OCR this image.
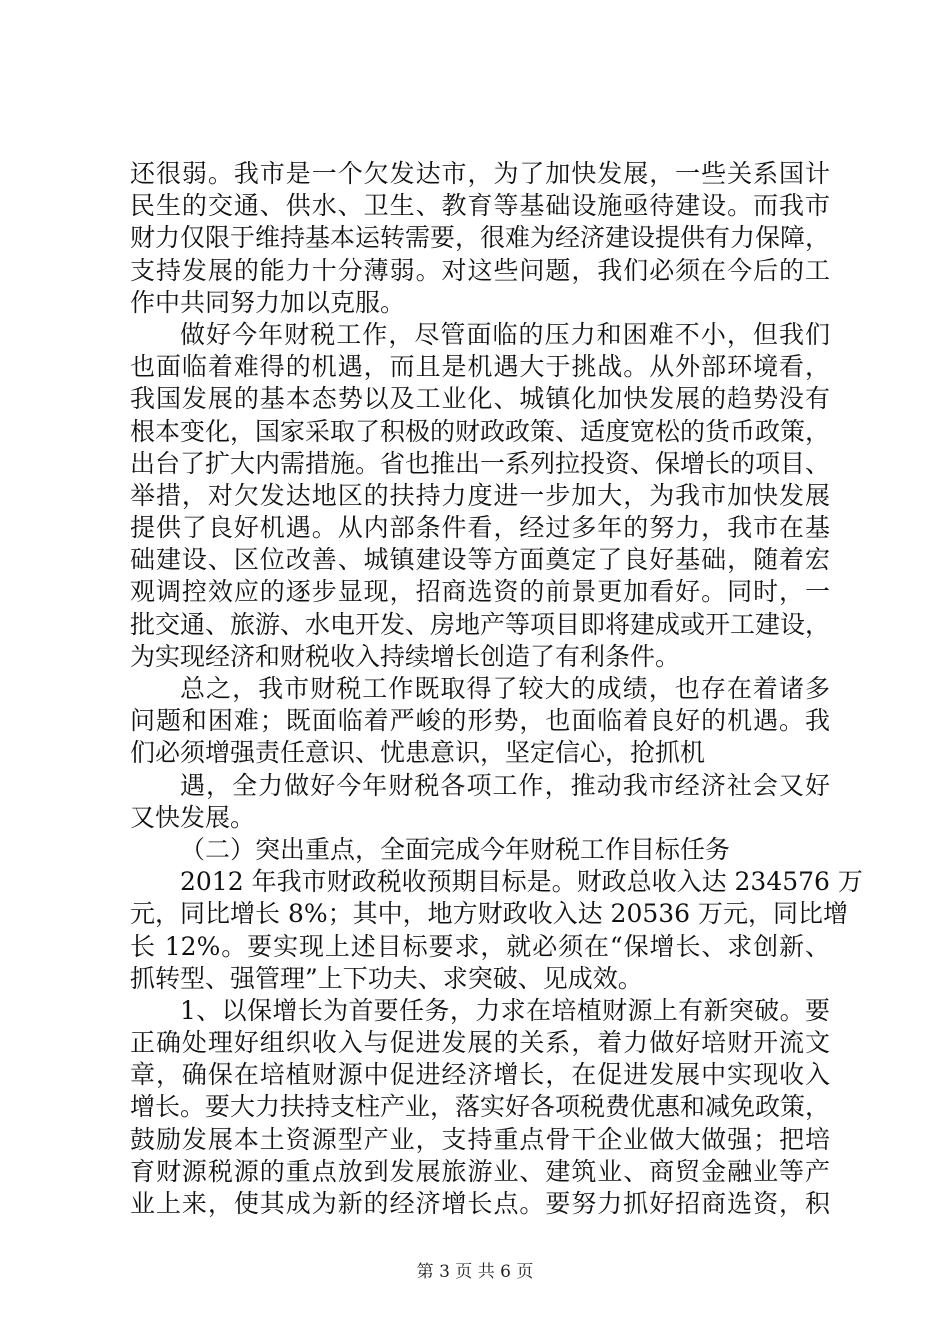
还很弱。我市是一个欠发达市，为了加快发展，一些关系国计
民生的交通、供水、卫生、教育等基础设施亟待建设。而我市
财力仅限于维持基本运转需要，很难为经济建设提供有力保障，
支持发展的能力十分薄弱。对这些问题，我们必须在今后的工
作中共同努力加以克服。
做好今年财税工作，尽管面临的压力和困难不小，但我们
也面临着难得的机遇，而且是机遇大于挑战。从外部环境看，
我国发展的基本态势以及工业化、城镇化加快发展的趋势没有
根本变化，国家采取了积极的财政政策、适度宽松的货币政策，
出台了扩大内需措施。省也推出一系列拉投资、保增长的项目、
举措，对欠发达地区的扶持力度进一步加大，为我市加快发展
提供了良好机遇。从内部条件看，经过多年的努力，我市在基
础建设、区位改善、城镇建设等方面奠定了良好基础，随着宏
观调控效应的逐步显现，招商选资的前景更加看好。同时，一
批交通、旅游、水电开发、房地产等项目即将建成或开工建设，
为实现经济和财税收入持续增长创造了有利条件。
总之，我市财税工作既取得了较大的成绩，也存在着诸多
问题和困难；既面临着严峻的形势，也面临着良好的机遇。我
们必须增强责任意识、忧患意识，坚定信心，抢抓机
遇，全力做好今年财税各项工作，推动我市经济社会又好
又快发展。
（二）突出重点，全面完成今年财税工作目标任务
2012 年我市财政税收预期目标是。财政总收入达 234576 万
元，同比增长 8%；其中，地方财政收入达 20536 万元，同比增
长 12%。要实现上述目标要求，就必须在“保增长、求创新、
抓转型、强管理”上下功夫、求突破、见成效。
1、以保增长为首要任务，力求在培植财源上有新突破。要
正确处理好组织收入与促进发展的关系，着力做好培财开流文
章，确保在培植财源中促进经济增长，在促进发展中实现收入
增长。要大力扶持支柱产业，落实好各项税费优惠和减免政策，
鼓励发展本土资源型产业，支持重点骨干企业做大做强；把培
育财源税源的重点放到发展旅游业、建筑业、商贸金融业等产
业上来，使其成为新的经济增长点。要努力抓好招商选资，积
第 3 页 共 6 页
